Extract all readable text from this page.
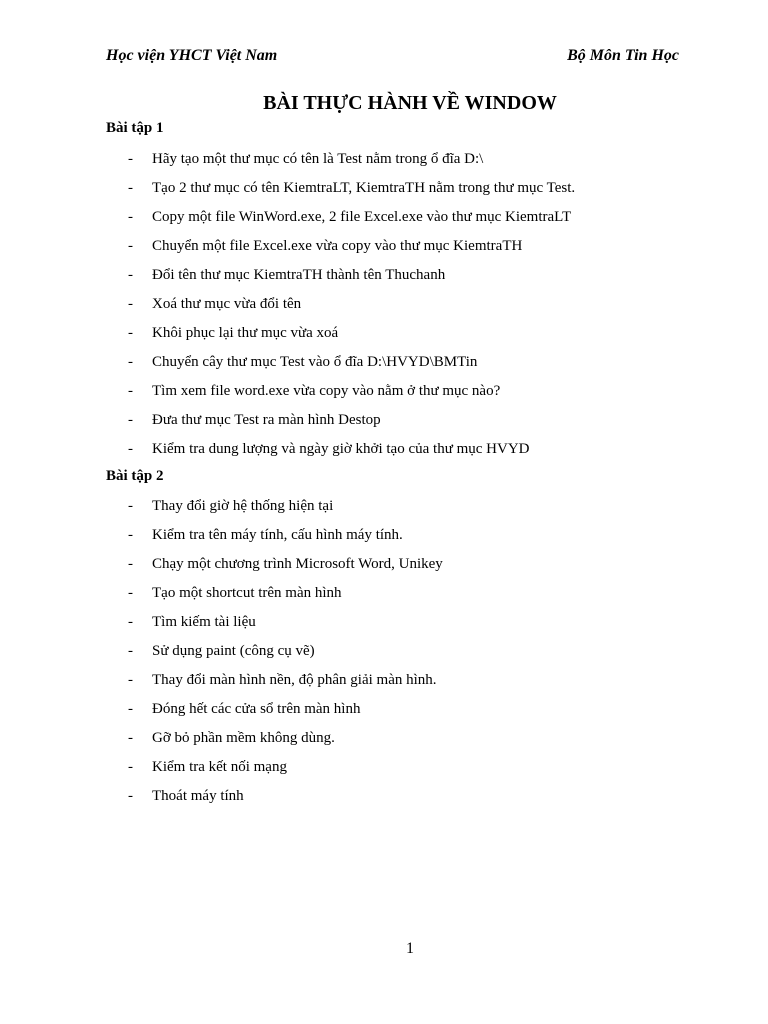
Học viện YHCT Việt Nam	Bộ Môn Tin Học
BÀI THỰC HÀNH VỀ WINDOW
Bài tập 1
- Hãy tạo một thư mục có tên là Test nằm trong ổ đĩa D:\
- Tạo 2 thư mục có tên KiemtraLT, KiemtraTH nằm trong thư mục Test.
- Copy một file WinWord.exe, 2 file Excel.exe vào thư mục KiemtraLT
- Chuyển một file Excel.exe vừa copy vào thư mục KiemtraTH
- Đổi tên thư mục KiemtraTH thành tên Thuchanh
- Xoá thư mục vừa đổi tên
- Khôi phục lại thư mục vừa xoá
- Chuyển cây thư mục Test vào ổ đĩa D:\HVYD\BMTin
- Tìm xem file word.exe vừa copy vào nằm ở thư mục nào?
- Đưa thư mục Test ra màn hình Destop
- Kiểm tra dung lượng và ngày giờ khởi tạo của thư mục HVYD
Bài tập 2
- Thay đổi giờ hệ thống hiện tại
- Kiểm tra tên máy tính, cấu hình máy tính.
- Chạy một chương trình Microsoft Word, Unikey
- Tạo một shortcut trên màn hình
- Tìm kiếm tài liệu
- Sử dụng paint (công cụ vẽ)
- Thay đổi màn hình nền, độ phân giải màn hình.
- Đóng hết các cửa sổ trên màn hình
- Gỡ bỏ phần mềm không dùng.
- Kiểm tra kết nối mạng
- Thoát máy tính
1
